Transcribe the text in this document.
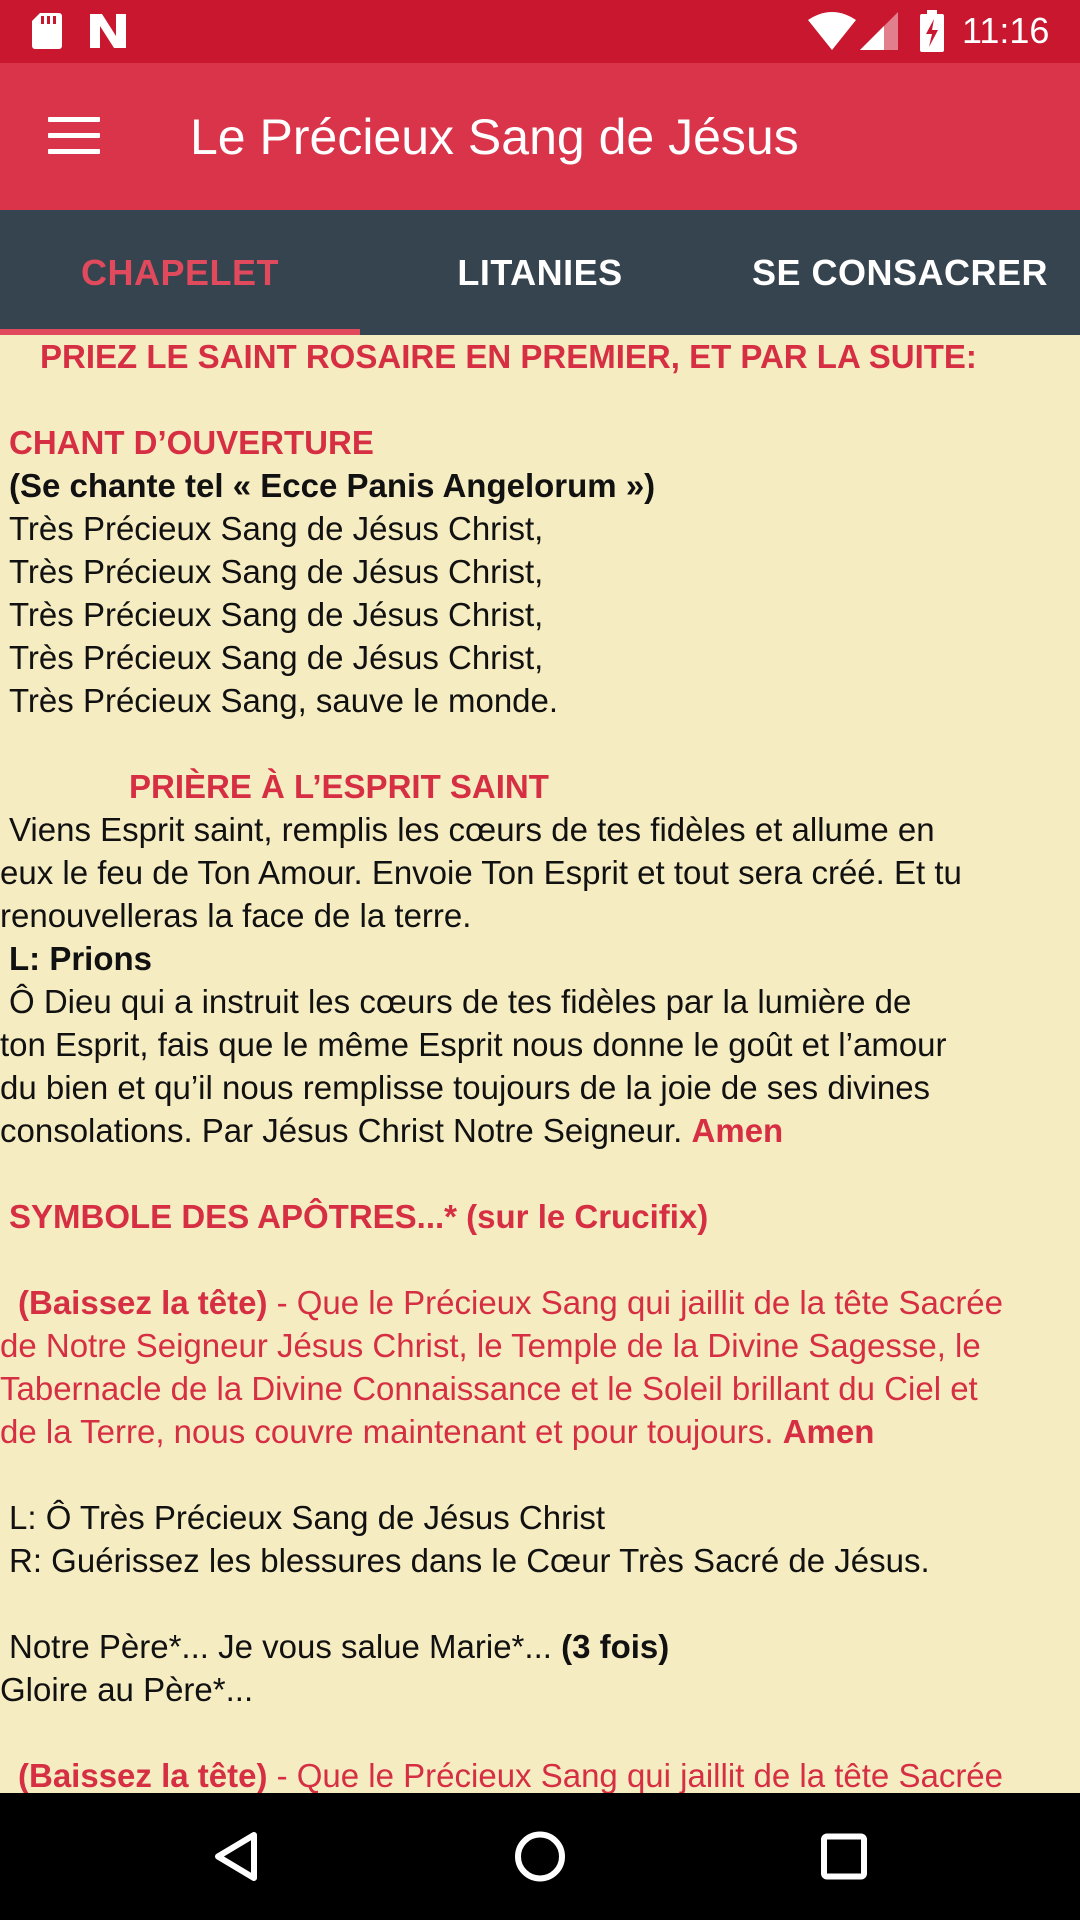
11:16
Le Précieux Sang de Jésus
CHAPELET	LITANIES	SE CONSACRER

PRIEZ LE SAINT ROSAIRE EN PREMIER, ET PAR LA SUITE:

CHANT D’OUVERTURE

(Se chante tel « Ecce Panis Angelorum »)

Très Précieux Sang de Jésus Christ,

Très Précieux Sang de Jésus Christ,

Très Précieux Sang de Jésus Christ,

Très Précieux Sang de Jésus Christ,

Très Précieux Sang, sauve le monde.

PRIÈRE À L’ESPRIT SAINT

Viens Esprit saint, remplis les cœurs de tes fidèles et allume en

eux le feu de Ton Amour. Envoie Ton Esprit et tout sera créé. Et tu

renouvelleras la face de la terre.

L: Prions

Ô Dieu qui a instruit les cœurs de tes fidèles par la lumière de

ton Esprit, fais que le même Esprit nous donne le goût et l’amour

du bien et qu’il nous remplisse toujours de la joie de ses divines

consolations. Par Jésus Christ Notre Seigneur. Amen

SYMBOLE DES APÔTRES...* (sur le Crucifix)

(Baissez la tête) - Que le Précieux Sang qui jaillit de la tête Sacrée

de Notre Seigneur Jésus Christ, le Temple de la Divine Sagesse, le

Tabernacle de la Divine Connaissance et le Soleil brillant du Ciel et

de la Terre, nous couvre maintenant et pour toujours. Amen

L: Ô Très Précieux Sang de Jésus Christ

R: Guérissez les blessures dans le Cœur Très Sacré de Jésus.

Notre Père*... Je vous salue Marie*... (3 fois)

Gloire au Père*...

(Baissez la tête) - Que le Précieux Sang qui jaillit de la tête Sacrée
